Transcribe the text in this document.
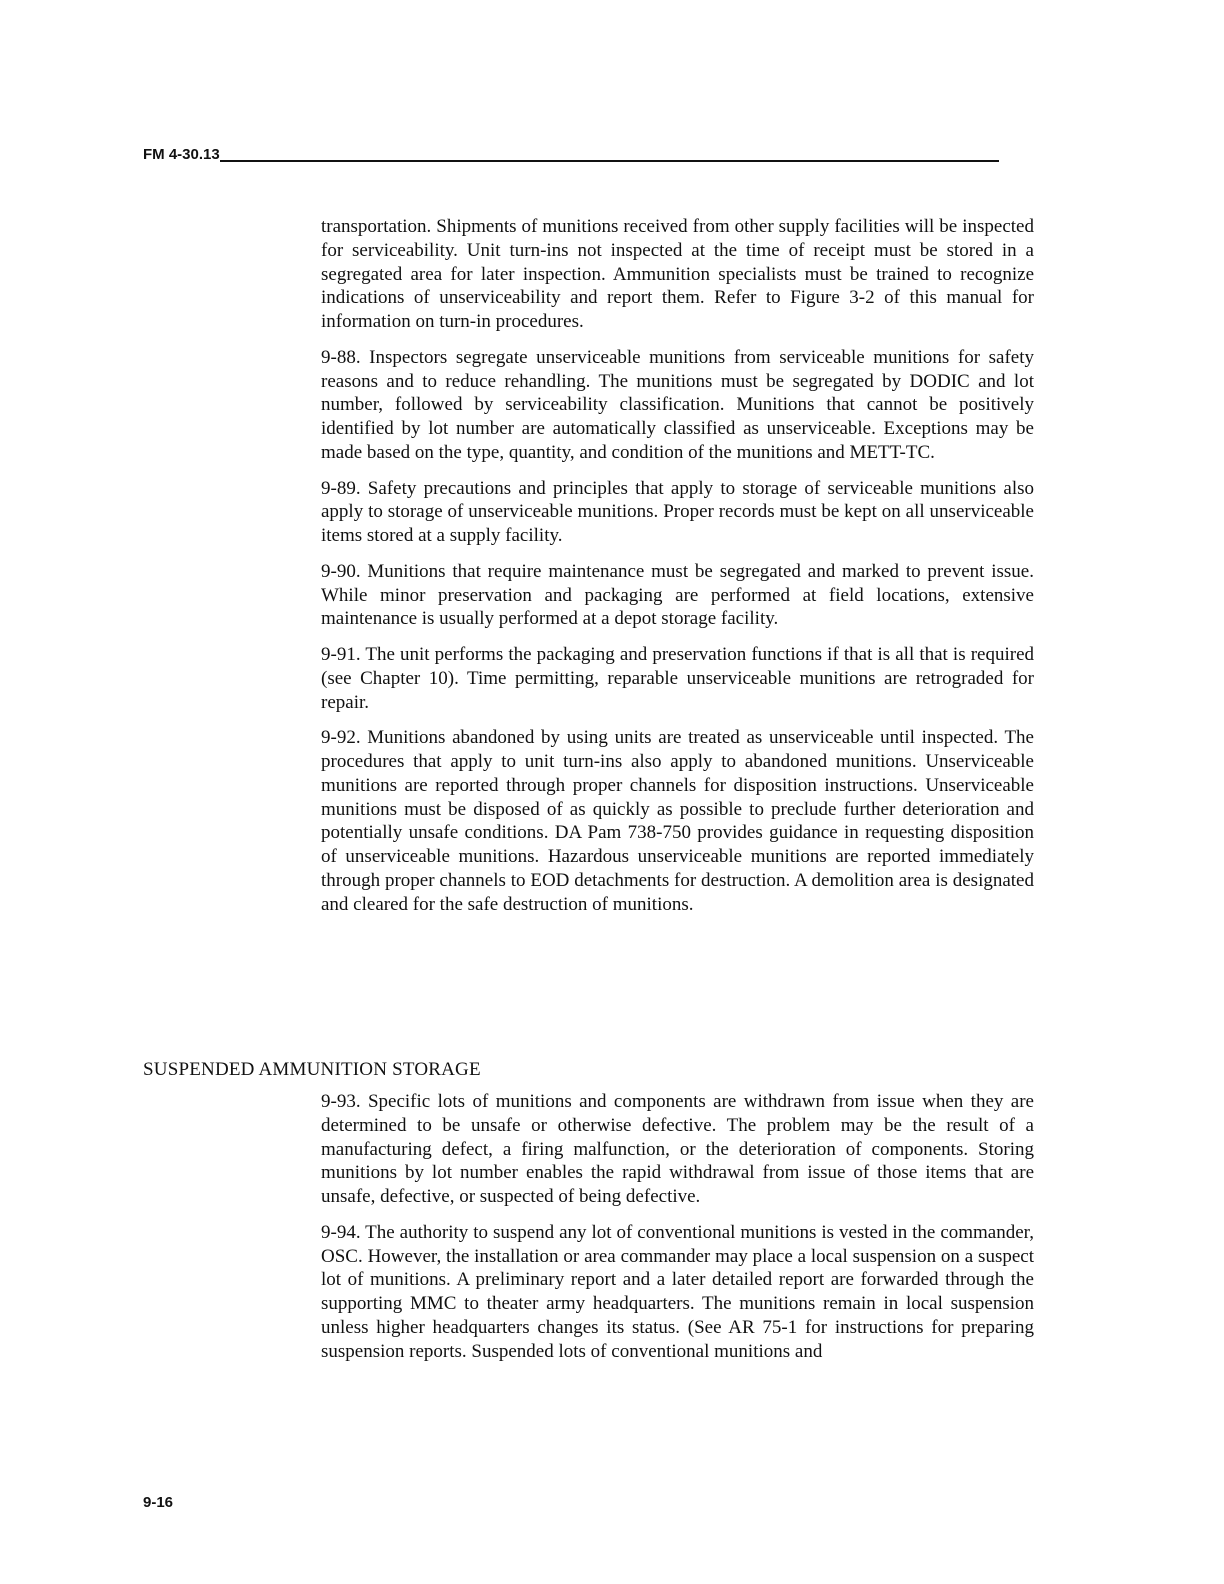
FM 4-30.13

transportation. Shipments of munitions received from other supply facilities will be inspected for serviceability. Unit turn-ins not inspected at the time of receipt must be stored in a segregated area for later inspection. Ammunition specialists must be trained to recognize indications of unserviceability and report them. Refer to Figure 3-2 of this manual for information on turn-in procedures.

9-88. Inspectors segregate unserviceable munitions from serviceable munitions for safety reasons and to reduce rehandling. The munitions must be segregated by DODIC and lot number, followed by serviceability classification. Munitions that cannot be positively identified by lot number are automatically classified as unserviceable. Exceptions may be made based on the type, quantity, and condition of the munitions and METT-TC.

9-89. Safety precautions and principles that apply to storage of serviceable munitions also apply to storage of unserviceable munitions. Proper records must be kept on all unserviceable items stored at a supply facility.

9-90. Munitions that require maintenance must be segregated and marked to prevent issue. While minor preservation and packaging are performed at field locations, extensive maintenance is usually performed at a depot storage facility.

9-91. The unit performs the packaging and preservation functions if that is all that is required (see Chapter 10). Time permitting, reparable unserviceable munitions are retrograded for repair.

9-92. Munitions abandoned by using units are treated as unserviceable until inspected. The procedures that apply to unit turn-ins also apply to abandoned munitions. Unserviceable munitions are reported through proper channels for disposition instructions. Unserviceable munitions must be disposed of as quickly as possible to preclude further deterioration and potentially unsafe conditions. DA Pam 738-750 provides guidance in requesting disposition of unserviceable munitions. Hazardous unserviceable munitions are reported immediately through proper channels to EOD detachments for destruction. A demolition area is designated and cleared for the safe destruction of munitions.

SUSPENDED AMMUNITION STORAGE

9-93. Specific lots of munitions and components are withdrawn from issue when they are determined to be unsafe or otherwise defective. The problem may be the result of a manufacturing defect, a firing malfunction, or the deterioration of components. Storing munitions by lot number enables the rapid withdrawal from issue of those items that are unsafe, defective, or suspected of being defective.

9-94. The authority to suspend any lot of conventional munitions is vested in the commander, OSC. However, the installation or area commander may place a local suspension on a suspect lot of munitions. A preliminary report and a later detailed report are forwarded through the supporting MMC to theater army headquarters. The munitions remain in local suspension unless higher headquarters changes its status. (See AR 75-1 for instructions for preparing suspension reports. Suspended lots of conventional munitions and

9-16
